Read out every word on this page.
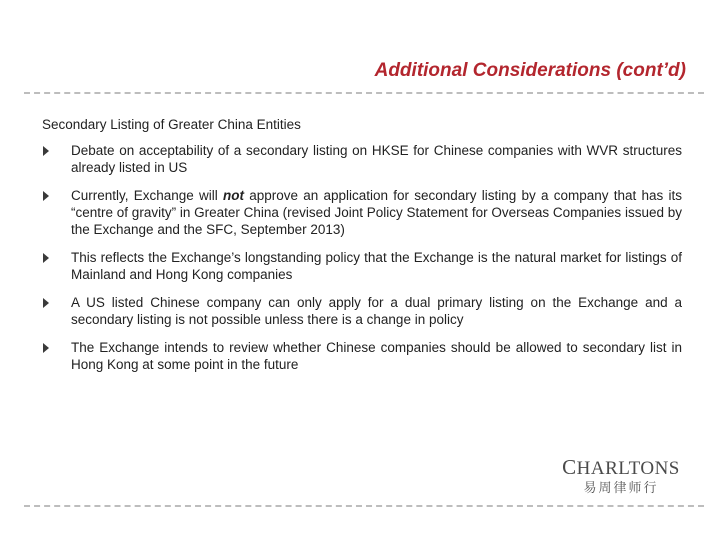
Additional Considerations (cont’d)
Secondary Listing of Greater China Entities
Debate on acceptability of a secondary listing on HKSE for Chinese companies with WVR structures already listed in US
Currently, Exchange will not approve an application for secondary listing by a company that has its “centre of gravity” in Greater China (revised Joint Policy Statement for Overseas Companies issued by the Exchange and the SFC, September 2013)
This reflects the Exchange’s longstanding policy that the Exchange is the natural market for listings of Mainland and Hong Kong companies
A US listed Chinese company can only apply for a dual primary listing on the Exchange and a secondary listing is not possible unless there is a change in policy
The Exchange intends to review whether Chinese companies should be allowed to secondary list in Hong Kong at some point in the future
CHARLTONS
易周律师行
